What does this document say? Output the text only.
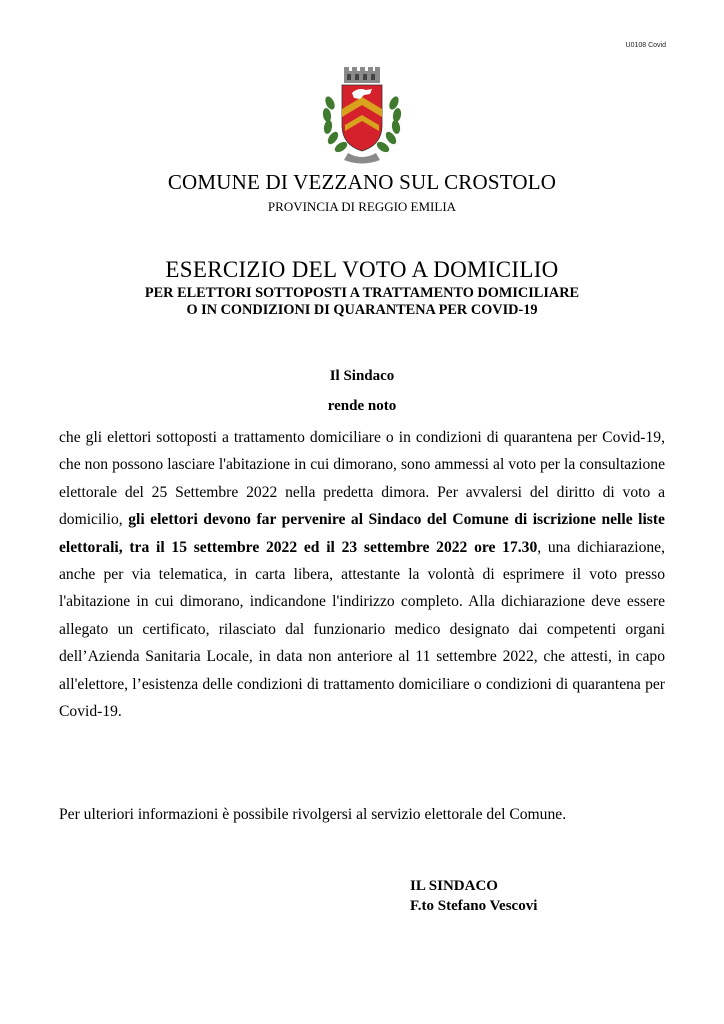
U0108 Covid
COMUNE DI VEZZANO SUL CROSTOLO
PROVINCIA DI REGGIO EMILIA
ESERCIZIO DEL VOTO A DOMICILIO
PER ELETTORI SOTTOPOSTI A TRATTAMENTO DOMICILIARE
O IN CONDIZIONI DI QUARANTENA PER COVID-19
Il Sindaco
rende noto

che gli elettori sottoposti a trattamento domiciliare o in condizioni di quarantena per Covid-19, che non possono lasciare l'abitazione in cui dimorano, sono ammessi al voto per la consultazione elettorale del 25 Settembre 2022 nella predetta dimora. Per avvalersi del diritto di voto a domicilio, gli elettori devono far pervenire al Sindaco del Comune di iscrizione nelle liste elettorali, tra il 15 settembre 2022 ed il 23 settembre 2022 ore 17.30, una dichiarazione, anche per via telematica, in carta libera, attestante la volontà di esprimere il voto presso l'abitazione in cui dimorano, indicandone l'indirizzo completo. Alla dichiarazione deve essere allegato un certificato, rilasciato dal funzionario medico designato dai competenti organi dell’Azienda Sanitaria Locale, in data non anteriore al 11 settembre 2022, che attesti, in capo all'elettore, l’esistenza delle condizioni di trattamento domiciliare o condizioni di quarantena per Covid-19.

Per ulteriori informazioni è possibile rivolgersi al servizio elettorale del Comune.

IL SINDACO
F.to Stefano Vescovi
